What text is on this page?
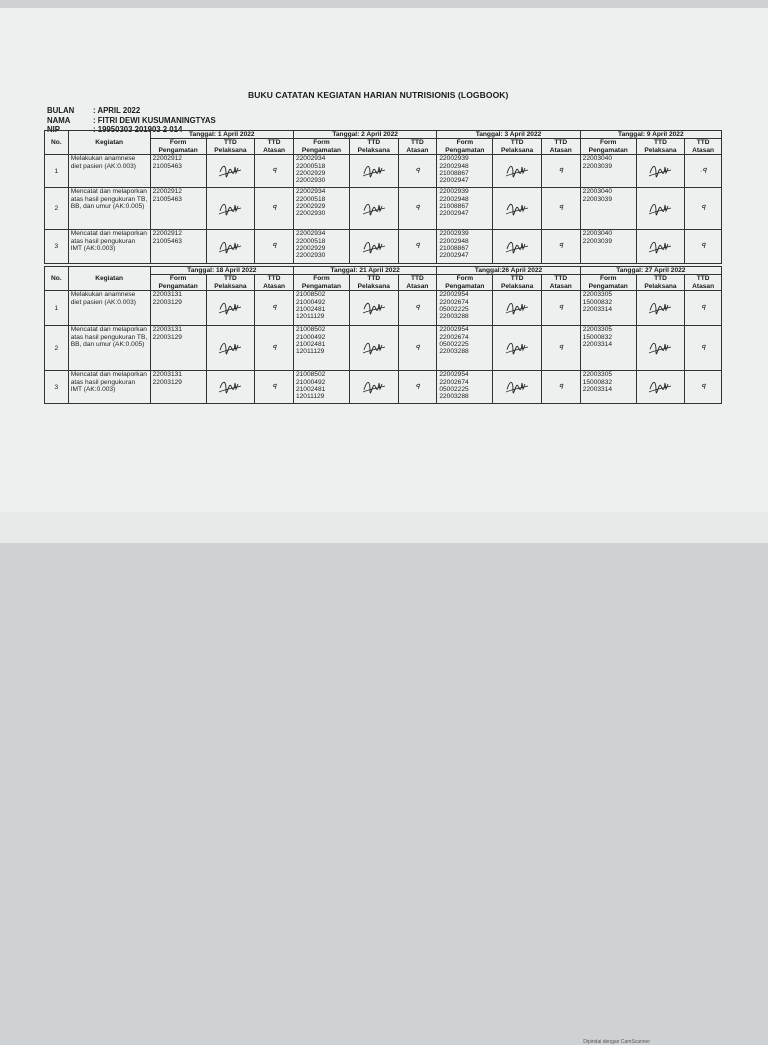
BUKU CATATAN KEGIATAN HARIAN NUTRISIONIS (LOGBOOK)
BULAN	: APRIL 2022
NAMA	: FITRI DEWI KUSUMANINGTYAS
NIP	: 19950303 201903 2 014
No.	Kegiatan	Tanggal: 1 April 2022			Tanggal: 2 April 2022			Tanggal: 3 April 2022			Tanggal: 9 April 2022		
		Form Pengamatan	TTD Pelaksana	TTD Atasan	Form Pengamatan	TTD Pelaksana	TTD Atasan	Form Pengamatan	TTD Pelaksana	TTD Atasan	Form Pengamatan	TTD Pelaksana	TTD Atasan
1	Melakukan anamnese diet pasien (AK:0.003)	22002912
21005463		ꟼ	22002934
22000518
22002929
22002930		ꟼ	22002939
22002948
21008867
22002947		ꟼ	22003040
22003039		·ꟼ
2	Mencatat dan melaporkan atas hasil pengukuran TB, BB, dan umur (AK:0.005)	22002912
21005463		ꟼ	22002934
22000518
22002929
22002930		ꟼ	22002939
22002948
21008867
22002947		ꟼ	22003040
22003039		ꟼ
3	Mencatat dan melaporkan atas hasil pengukuran IMT (AK:0.003)	22002912
21005463		ꟼ	22002934
22000518
22002929
22002930		ꟼ	22002939
22002948
21008867
22002947		ꟼ	22003040
22003039		ꟼ
No.	Kegiatan	Tanggal: 18 April 2022			Tanggal: 21 April 2022			Tanggal:26 April 2022			Tanggal: 27 April 2022		
		Form Pengamatan	TTD Pelaksana	TTD Atasan	Form Pengamatan	TTD Pelaksana	TTD Atasan	Form Pengamatan	TTD Pelaksana	TTD Atasan	Form Pengamatan	TTD Pelaksana	TTD Atasan
1	Melakukan anamnese diet pasien (AK:0.003)	22003131
22003129		ꟼ	21008502
21000492
21002481
12011129		ꟼ	22002954
22002674
05002225
22003288		ꟼ	22003305
15000832
22003314		ꟼ
2	Mencatat dan melaporkan atas hasil pengukuran TB, BB, dan umur (AK:0.005)	22003131
22003129		ꟼ	21008502
21000492
21002481
12011129		ꟼ	22002954
22002674
05002225
22003288		ꟼ	22003305
15000832
22003314		ꟼ
3	Mencatat dan melaporkan atas hasil pengukuran IMT (AK:0.003)	22003131
22003129		ꟼ	21008502
21000492
21002481
12011129		ꟼ	22002954
22002674
05002225
22003288		ꟼ	22003305
15000832
22003314		ꟼ
Dipindai dengan CamScanner
